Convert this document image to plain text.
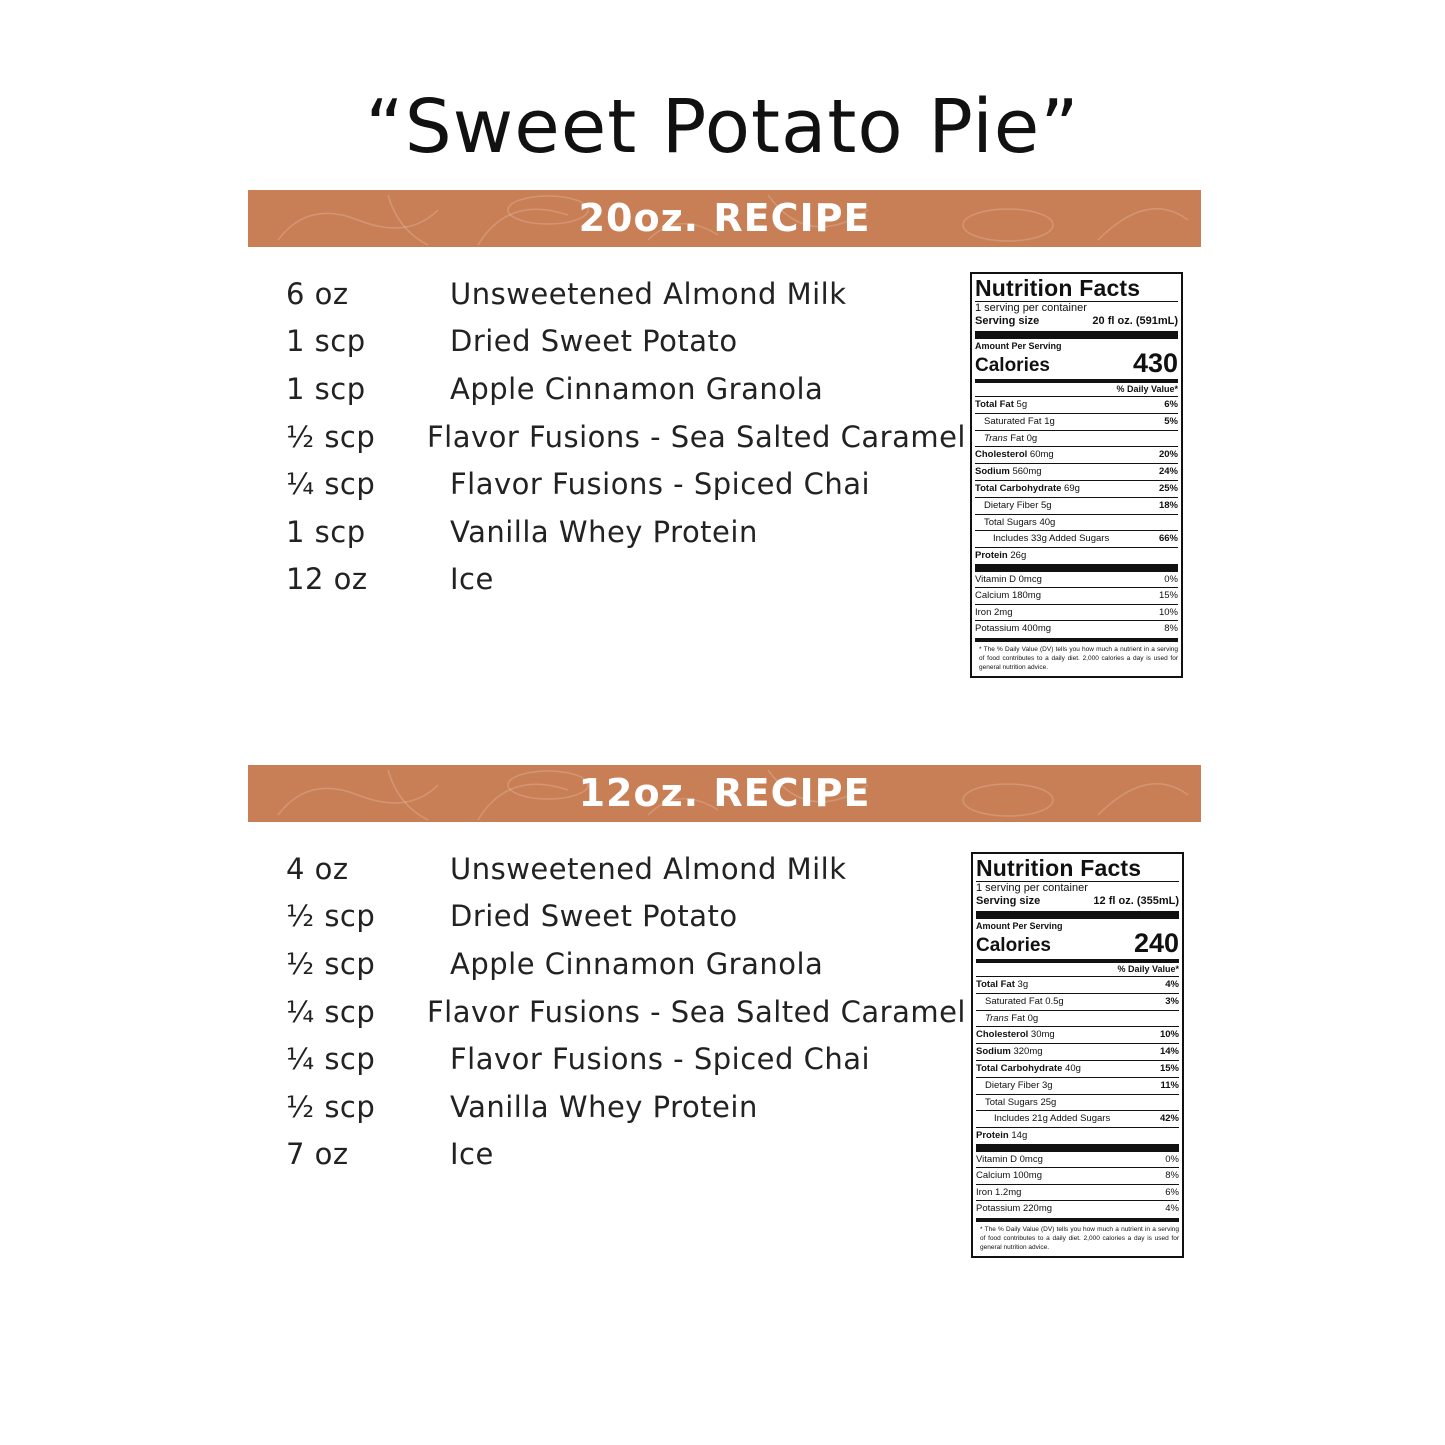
“Sweet Potato Pie”
20oz. RECIPE
6 oz	Unsweetened Almond Milk
1 scp	Dried Sweet Potato
1 scp	Apple Cinnamon Granola
½ scp	Flavor Fusions - Sea Salted Caramel
¼ scp	Flavor Fusions - Spiced Chai
1 scp	Vanilla Whey Protein
12 oz	Ice
Nutrition Facts
1 serving per container
Serving size	20 fl oz. (591mL)
Amount Per Serving
Calories	430
% Daily Value*
Total Fat 5g	6%
Saturated Fat 1g	5%
Trans Fat 0g
Cholesterol 60mg	20%
Sodium 560mg	24%
Total Carbohydrate 69g	25%
Dietary Fiber 5g	18%
Total Sugars 40g
Includes 33g Added Sugars	66%
Protein 26g
Vitamin D 0mcg	0%
Calcium 180mg	15%
Iron 2mg	10%
Potassium 400mg	8%
* The % Daily Value (DV) tells you how much a nutrient in a serving of food contributes to a daily diet. 2,000 calories a day is used for general nutrition advice.
12oz. RECIPE
4 oz	Unsweetened Almond Milk
½ scp	Dried Sweet Potato
½ scp	Apple Cinnamon Granola
¼ scp	Flavor Fusions - Sea Salted Caramel
¼ scp	Flavor Fusions - Spiced Chai
½ scp	Vanilla Whey Protein
7 oz	Ice
Nutrition Facts
1 serving per container
Serving size	12 fl oz. (355mL)
Amount Per Serving
Calories	240
% Daily Value*
Total Fat 3g	4%
Saturated Fat 0.5g	3%
Trans Fat 0g
Cholesterol 30mg	10%
Sodium 320mg	14%
Total Carbohydrate 40g	15%
Dietary Fiber 3g	11%
Total Sugars 25g
Includes 21g Added Sugars	42%
Protein 14g
Vitamin D 0mcg	0%
Calcium 100mg	8%
Iron 1.2mg	6%
Potassium 220mg	4%
* The % Daily Value (DV) tells you how much a nutrient in a serving of food contributes to a daily diet. 2,000 calories a day is used for general nutrition advice.
